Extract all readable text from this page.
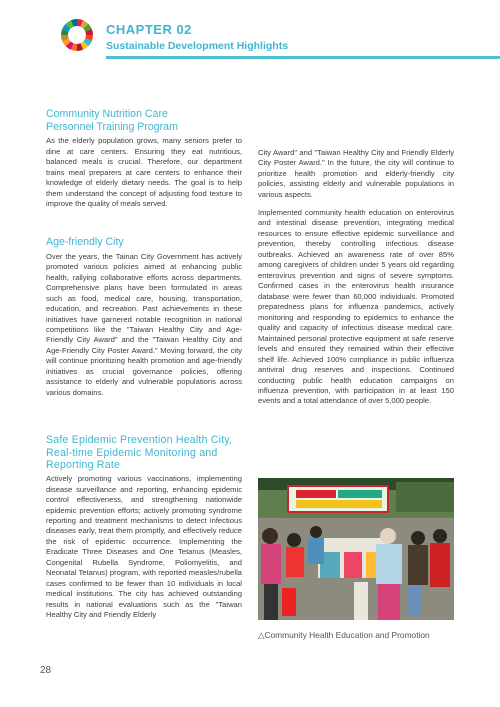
CHAPTER 02
Sustainable Development Highlights
Community Nutrition Care
Personnel Training Program

As the elderly population grows, many seniors prefer to dine at care centers. Ensuring they eat nutritious, balanced meals is crucial. Therefore, our department trains meal preparers at care centers to enhance their knowledge of elderly dietary needs. The goal is to help them understand the concept of adjusting food texture to improve the quality of meals served.

Age-friendly City

Over the years, the Tainan City Government has actively promoted various policies aimed at enhancing public health, rallying collaborative efforts across departments. Comprehensive plans have been formulated in areas such as food, medical care, housing, transportation, education, and recreation. Past achievements in these initiatives have garnered notable recognition in national competitions like the "Taiwan Healthy City and Age-Friendly City Award" and the "Taiwan Healthy City and Age-Friendly City Poster Award." Moving forward, the city will continue prioritizing health promotion and age-friendly initiatives as crucial governance policies, offering assistance to elderly and vulnerable populations across various domains.

Safe Epidemic Prevention Health City,
Real-time Epidemic Monitoring and
Reporting Rate

Actively promoting various vaccinations, implementing disease surveillance and reporting, enhancing epidemic control effectiveness, and strengthening nationwide epidemic prevention efforts; actively promoting syndrome reporting and treatment mechanisms to detect infectious diseases early, treat them promptly, and effectively reduce the risk of epidemic occurrence. Implementing the Eradicate Three Diseases and One Tetanus (Measles, Congenital Rubella Syndrome, Poliomyelitis, and Neonatal Tetanus) program, with reported measles/rubella cases confirmed to be fewer than 10 individuals in local medical institutions. The city has achieved outstanding results in national evaluations such as the "Taiwan Healthy City and Friendly Elderly

City Award" and "Taiwan Healthy City and Friendly Elderly City Poster Award." In the future, the city will continue to prioritize health promotion and elderly-friendly city policies, assisting elderly and vulnerable populations in various aspects.

Implemented community health education on enterovirus and intestinal disease prevention, integrating medical resources to ensure effective epidemic surveillance and prevention, thereby controlling infectious disease outbreaks. Achieved an awareness rate of over 85% among caregivers of children under 5 years old regarding enterovirus prevention and signs of severe symptoms. Confirmed cases in the enterovirus health insurance database were fewer than 60,000 individuals. Promoted preparedness plans for influenza pandemics, actively monitoring and responding to epidemics to enhance the quality and capacity of infectious disease medical care. Maintained personal protective equipment at safe reserve levels and ensured they remained within their effective shelf life. Achieved 100% compliance in public influenza antiviral drug reserves and inspections. Continued conducting public health education campaigns on influenza prevention, with participation in at least 150 events and a total attendance of over 5,000 people.

△Community Health Education and Promotion
28
